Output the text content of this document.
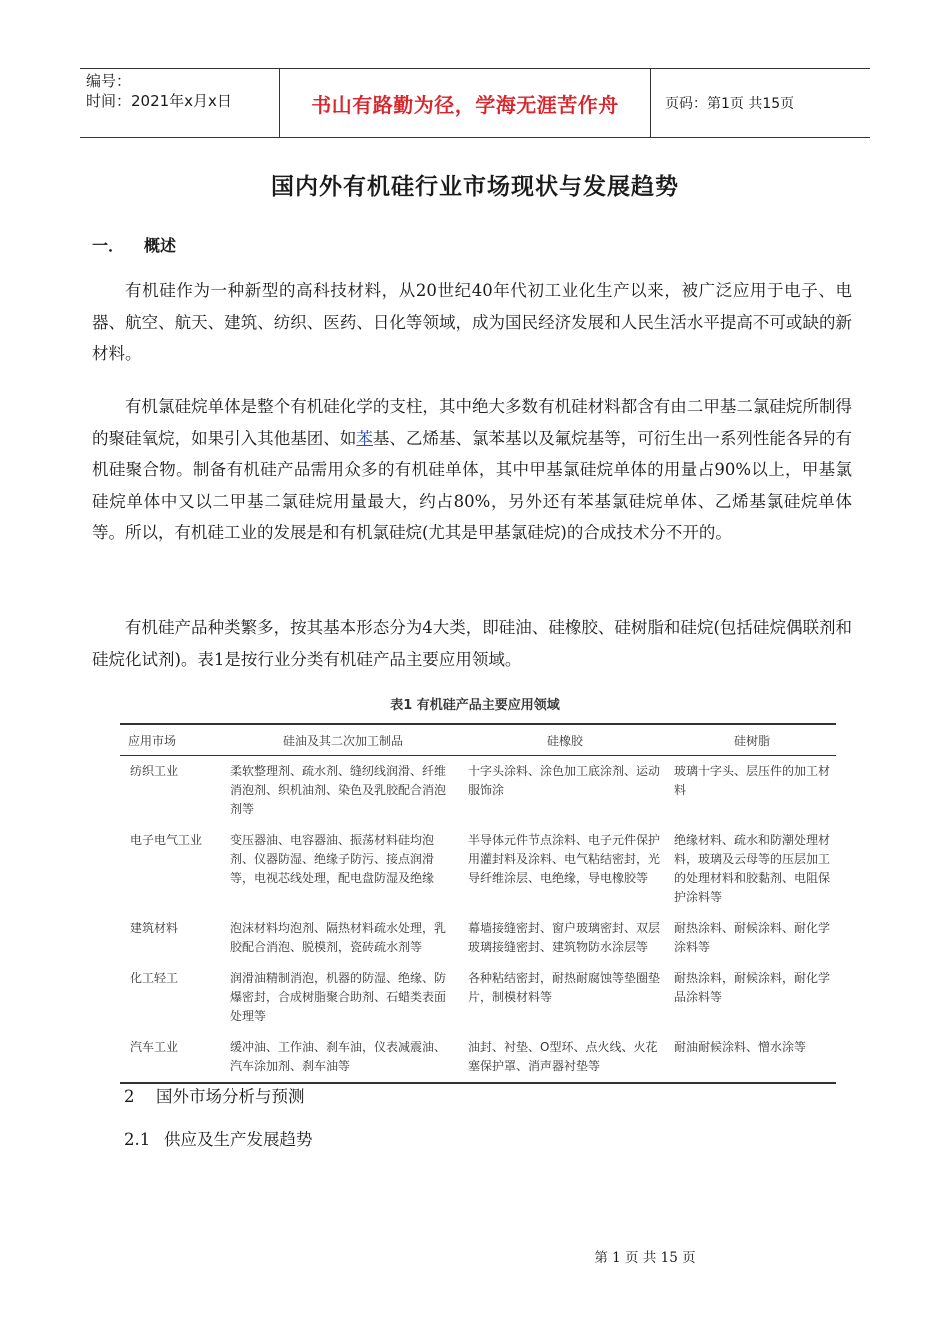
编号：
时间：2021年x月x日	书山有路勤为径，学海无涯苦作舟	页码：第1页 共15页
国内外有机硅行业市场现状与发展趋势
一． 概述

有机硅作为一种新型的高科技材料，从20世纪40年代初工业化生产以来，被广泛应用于电子、电器、航空、航天、建筑、纺织、医药、日化等领域，成为国民经济发展和人民生活水平提高不可或缺的新材料。

有机氯硅烷单体是整个有机硅化学的支柱，其中绝大多数有机硅材料都含有由二甲基二氯硅烷所制得的聚硅氧烷，如果引入其他基团、如苯基、乙烯基、氯苯基以及氟烷基等，可衍生出一系列性能各异的有机硅聚合物。制备有机硅产品需用众多的有机硅单体，其中甲基氯硅烷单体的用量占90%以上，甲基氯硅烷单体中又以二甲基二氯硅烷用量最大，约占80%，另外还有苯基氯硅烷单体、乙烯基氯硅烷单体等。所以，有机硅工业的发展是和有机氯硅烷(尤其是甲基氯硅烷)的合成技术分不开的。

有机硅产品种类繁多，按其基本形态分为4大类，即硅油、硅橡胶、硅树脂和硅烷(包括硅烷偶联剂和硅烷化试剂)。表1是按行业分类有机硅产品主要应用领域。

表1 有机硅产品主要应用领域
应用市场	硅油及其二次加工制品	硅橡胶	硅树脂
纺织工业	柔软整理剂、疏水剂、缝纫线润滑、纤维消泡剂、织机油剂、染色及乳胶配合消泡剂等	十字头涂料、涂色加工底涂剂、运动服饰涂	玻璃十字头、层压件的加工材料
电子电气工业	变压器油、电容器油、振荡材料硅均泡剂、仪器防湿、绝缘子防污、接点润滑等，电视芯线处理，配电盘防湿及绝缘	半导体元件节点涂料、电子元件保护用灌封料及涂料、电气粘结密封，光导纤维涂层、电绝缘，导电橡胶等	绝缘材料、疏水和防潮处理材料，玻璃及云母等的压层加工的处理材料和胶黏剂、电阻保护涂料等
建筑材料	泡沫材料均泡剂、隔热材料疏水处理，乳胶配合消泡、脱模剂，瓷砖疏水剂等	幕墙接缝密封、窗户玻璃密封、双层玻璃接缝密封、建筑物防水涂层等	耐热涂料、耐候涂料、耐化学涂料等
化工轻工	润滑油精制消泡，机器的防湿、绝缘、防爆密封，合成树脂聚合助剂、石蜡类表面处理等	各种粘结密封，耐热耐腐蚀等垫圈垫片，制模材料等	耐热涂料，耐候涂料，耐化学品涂料等
汽车工业	缓冲油、工作油、刹车油，仪表减震油、汽车涂加剂、刹车油等	油封、衬垫、O型环、点火线、火花塞保护罩、消声器衬垫等	耐油耐候涂料、憎水涂等
2 国外市场分析与预测
2.1 供应及生产发展趋势
第 1 页 共 15 页
